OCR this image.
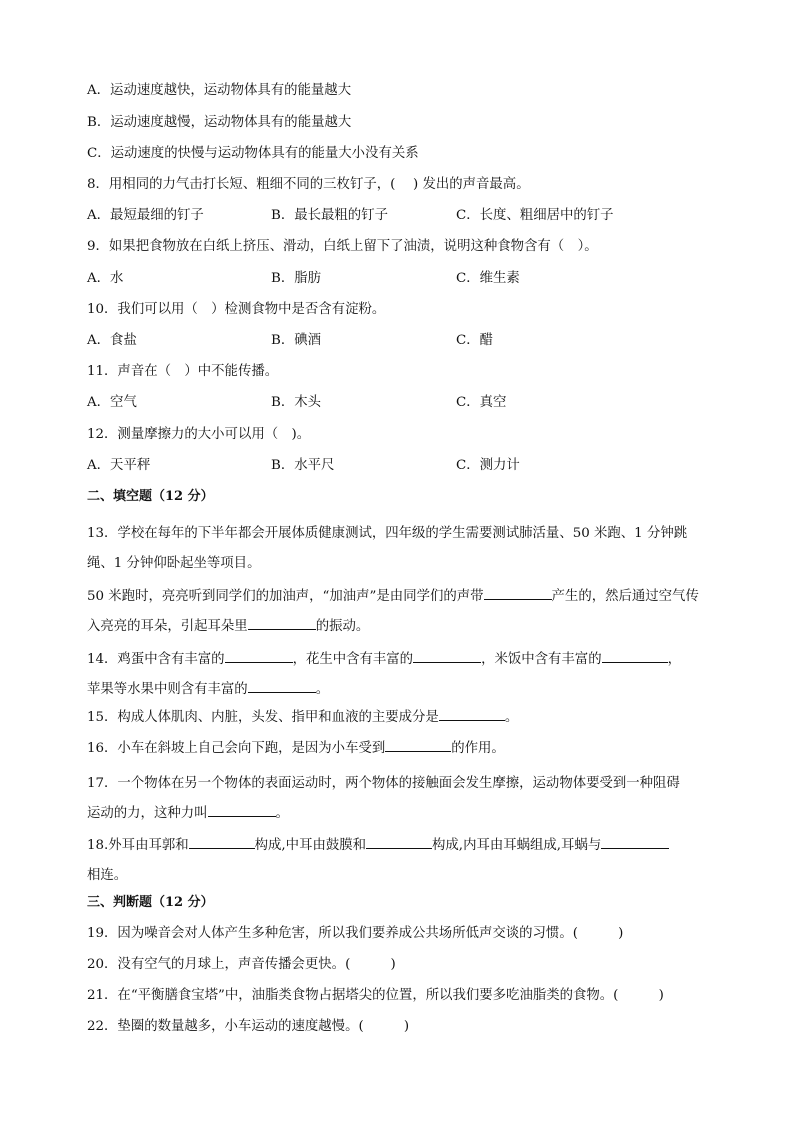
A．运动速度越快，运动物体具有的能量越大
B．运动速度越慢，运动物体具有的能量越大
C．运动速度的快慢与运动物体具有的能量大小没有关系
8．用相同的力气击打长短、粗细不同的三枚钉子，(　 ) 发出的声音最高。
A．最短最细的钉子	B．最长最粗的钉子	C．长度、粗细居中的钉子
9．如果把食物放在白纸上挤压、滑动，白纸上留下了油渍，说明这种食物含有（　）。
A．水	B．脂肪	C．维生素
10．我们可以用（　）检测食物中是否含有淀粉。
A．食盐	B．碘酒	C．醋
11．声音在（　）中不能传播。
A．空气	B．木头	C．真空
12．测量摩擦力的大小可以用（　)。
A．天平秤	B．水平尺	C．测力计
二、填空题（12 分）
13．学校在每年的下半年都会开展体质健康测试，四年级的学生需要测试肺活量、50 米跑、1 分钟跳绳、1 分钟仰卧起坐等项目。
50 米跑时，亮亮听到同学们的加油声，“加油声”是由同学们的声带	产生的，然后通过空气传入亮亮的耳朵，引起耳朵里	的振动。
14．鸡蛋中含有丰富的	，花生中含有丰富的	，米饭中含有丰富的	，
苹果等水果中则含有丰富的	。
15．构成人体肌肉、内脏，头发、指甲和血液的主要成分是	。
16．小车在斜坡上自己会向下跑，是因为小车受到	的作用。
17．一个物体在另一个物体的表面运动时，两个物体的接触面会发生摩擦，运动物体要受到一种阻碍
运动的力，这种力叫	。
18.外耳由耳郭和	构成,中耳由鼓膜和	构成,内耳由耳蜗组成,耳蜗与
相连。
三、判断题（12 分）
19．因为噪音会对人体产生多种危害，所以我们要养成公共场所低声交谈的习惯。(　　　)
20．没有空气的月球上，声音传播会更快。(　　　)
21．在“平衡膳食宝塔”中，油脂类食物占据塔尖的位置，所以我们要多吃油脂类的食物。(　　　)
22．垫圈的数量越多，小车运动的速度越慢。(　　　)
